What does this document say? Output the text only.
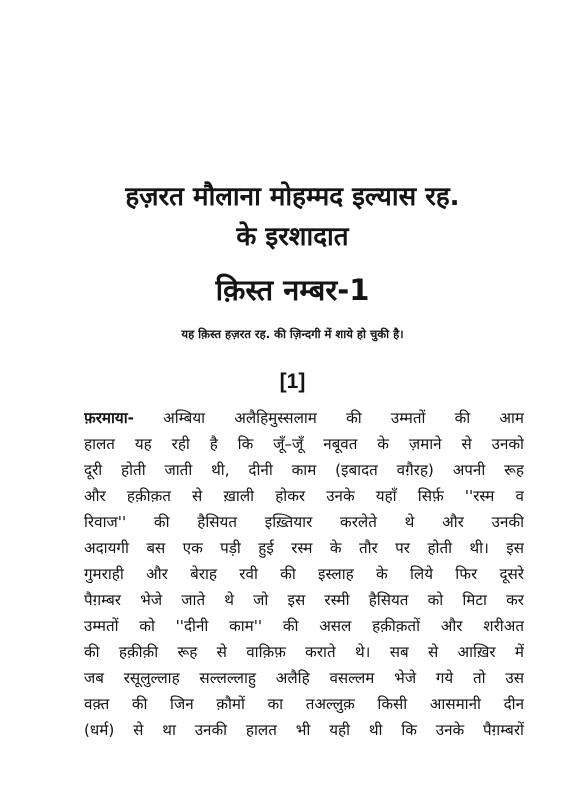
हज़रत मौलाना मोहम्मद इल्यास रह.
के इरशादात
क़िस्त नम्बर-1
यह क़िस्त हज़रत रह. की ज़िन्दगी में शाये हो चुकी है।
[1]
फ़रमाया- अम्बिया अलैहिमुस्सलाम की उम्मतों की आम
हालत यह रही है कि जूँ–जूँ नबूवत के ज़माने से उनको
दूरी होती जाती थी, दीनी काम (इबादत वग़ैरह) अपनी रूह
और हक़ीक़त से ख़ाली होकर उनके यहाँ सिर्फ़ ''रस्म व
रिवाज'' की हैसियत इख़्तियार करलेते थे और उनकी
अदायगी बस एक पड़ी हुई रस्म के तौर पर होती थी। इस
गुमराही और बेराह रवी की इस्लाह के लिये फिर दूसरे
पैग़म्बर भेजे जाते थे जो इस रस्मी हैसियत को मिटा कर
उम्मतों को ''दीनी काम'' की असल हक़ीक़तों और शरीअत
की हक़ीक़ी रूह से वाक़िफ़ कराते थे। सब से आख़िर में
जब रसूलुल्लाह सल्लल्लाहु अलैहि वसल्लम भेजे गये तो उस
वक़्त की जिन क़ौमों का तअल्लुक़ किसी आसमानी दीन
(धर्म) से था उनकी हालत भी यही थी कि उनके पैग़म्बरों
